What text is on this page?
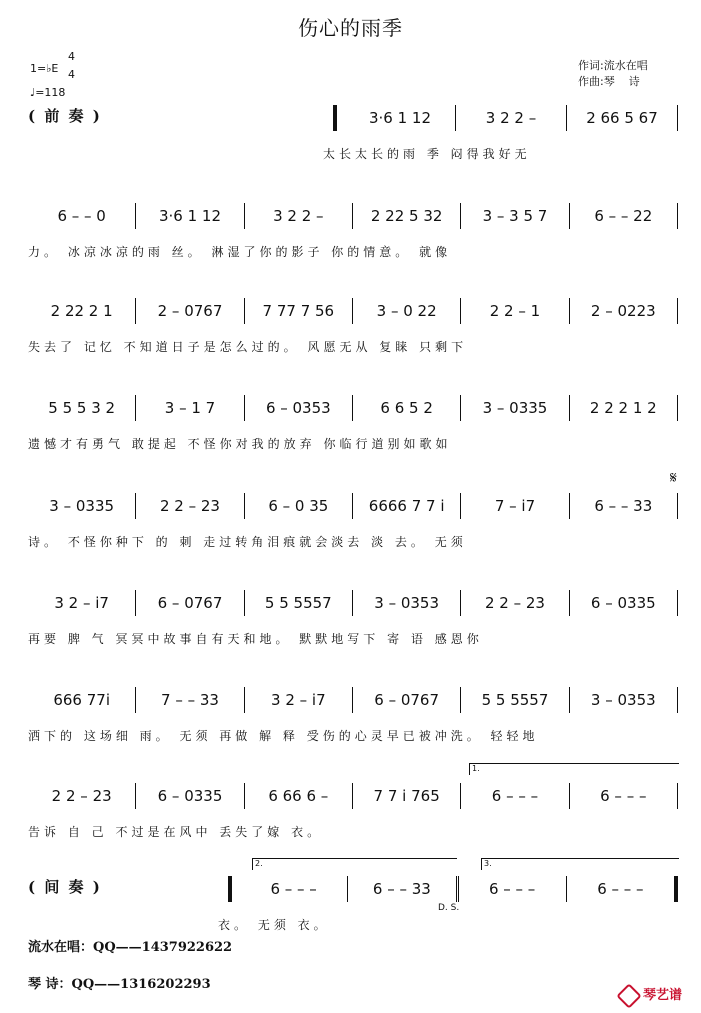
伤心的雨季
作词:流水在唱
作曲:琴    诗
1=♭E
4
4
♩=118
( 前 奏 )	3·6 1 12	3 2 2 –	2 66 5 67
太长太长的雨 季 闷得我好无
6 – – 0	3·6 1 12	3 2 2 –	2 22 5 32	3 – 3 5 7	6 – – 22
力。 冰凉冰凉的雨 丝。 淋湿了你的影子 你的情意。 就像
2 22 2 1	2 – 0767	7 77 7 56	3 – 0 22	2 2 – 1	2 – 0223
失去了 记忆 不知道日子是怎么过的。 风愿无从 复睐 只剩下
5 5 5 3 2	3 – 1 7	6 – 0353	6 6 5 2	3 – 0335	2 2 2 1 2
遗憾才有勇气 敢提起 不怪你对我的放弃 你临行道别如歌如
3 – 0335	2 2 – 23	6 – 0 35	6666 7 7 i	7 – i7	6 – – 33
诗。 不怪你种下 的 刺 走过转角泪痕就会淡去 淡 去。 无须
3 2 – i7	6 – 0767	5 5 5557	3 – 0353	2 2 – 23	6 – 0335
再要 脾 气 冥冥中故事自有天和地。 默默地写下 寄 语 感恩你
666 77i	7 – – 33	3 2 – i7	6 – 0767	5 5 5557	3 – 0353
洒下的 这场细 雨。 无须 再做 解 释 受伤的心灵早已被冲洗。 轻轻地
2 2 – 23	6 – 0335	6 66 6 –	7 7 i 765	6 – – –	6 – – –
告诉 自 己 不过是在风中 丢失了嫁 衣。
( 间 奏 )	6 – – –	6 – – 33	6 – – –	6 – – –
衣。 无须 衣。
流水在唱：QQ——1437922622
琴 诗：QQ——1316202293
琴艺谱
1.
2.	3.
D. S.
𝄋
